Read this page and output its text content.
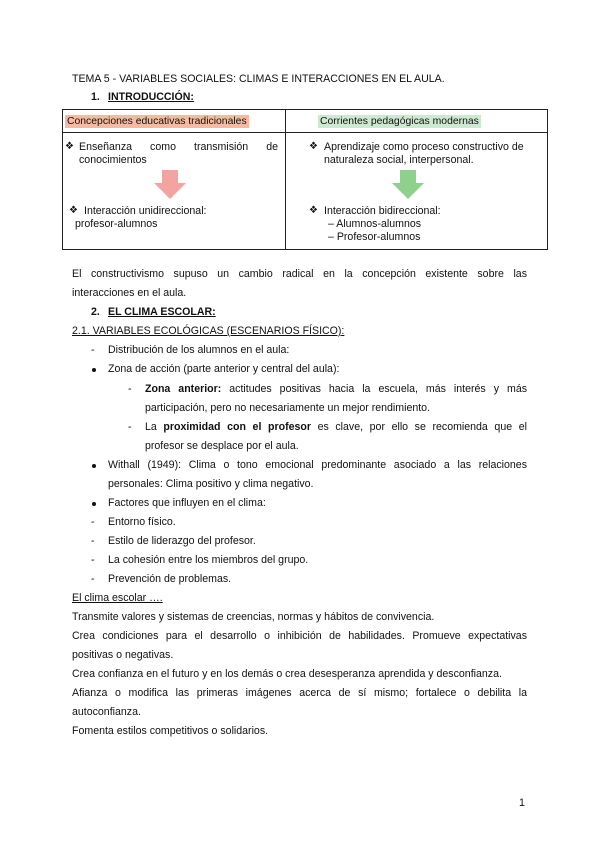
TEMA 5 - VARIABLES SOCIALES: CLIMAS E INTERACCIONES EN EL AULA.
1. INTRODUCCIÓN:
Concepciones educativas tradicionales	Corrientes pedagógicas modernas
❖ Enseñanza como transmisión de
conocimientos
❖ Interacción unidireccional:
profesor-alumnos
❖ Aprendizaje como proceso constructivo de
naturaleza social, interpersonal.
❖ Interacción bidireccional:
– Alumnos-alumnos
– Profesor-alumnos
El constructivismo supuso un cambio radical en la concepción existente sobre las
interacciones en el aula.
2. EL CLIMA ESCOLAR:
2.1. VARIABLES ECOLÓGICAS (ESCENARIOS FÍSICO):
- Distribución de los alumnos en el aula:
Zona de acción (parte anterior y central del aula):
- Zona anterior: actitudes positivas hacia la escuela, más interés y más
participación, pero no necesariamente un mejor rendimiento.
- La proximidad con el profesor es clave, por ello se recomienda que el
profesor se desplace por el aula.
Withall (1949): Clima o tono emocional predominante asociado a las relaciones
personales: Clima positivo y clima negativo.
Factores que influyen en el clima:
- Entorno físico.
- Estilo de liderazgo del profesor.
- La cohesión entre los miembros del grupo.
- Prevención de problemas.
El clima escolar ….
Transmite valores y sistemas de creencias, normas y hábitos de convivencia.
Crea condiciones para el desarrollo o inhibición de habilidades. Promueve expectativas
positivas o negativas.
Crea confianza en el futuro y en los demás o crea desesperanza aprendida y desconfianza.
Afianza o modifica las primeras imágenes acerca de sí mismo; fortalece o debilita la
autoconfianza.
Fomenta estilos competitivos o solidarios.
1
